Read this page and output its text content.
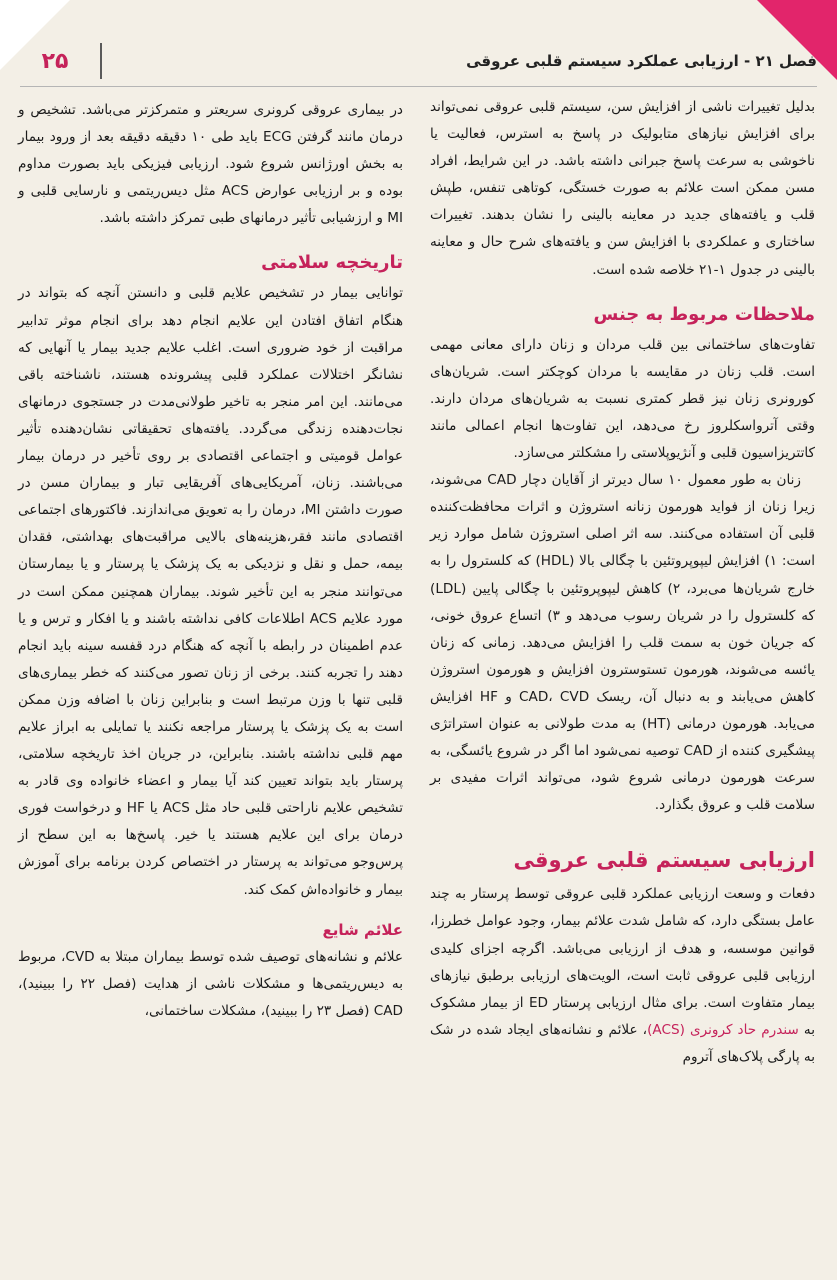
۲۵	فصل ۲۱ - ارزیابی عملکرد سیستم قلبی عروقی

بدلیل تغییرات ناشی از افزایش سن، سیستم قلبی عروقی نمی‌تواند برای افزایش نیازهای متابولیک در پاسخ به استرس، فعالیت یا ناخوشی به سرعت پاسخ جبرانی داشته باشد. در این شرایط، افراد مسن ممکن است علائم به صورت خستگی، کوتاهی تنفس، طپش قلب و یافته‌های جدید در معاینه بالینی را نشان بدهند. تغییرات ساختاری و عملکردی با افزایش سن و یافته‌های شرح حال و معاینه بالینی در جدول ۱-۲۱ خلاصه شده است.

ملاحظات مربوط به جنس

تفاوت‌های ساختمانی بین قلب مردان و زنان دارای معانی مهمی است. قلب زنان در مقایسه با مردان کوچکتر است. شریان‌های کورونری زنان نیز قطر کمتری نسبت به شریان‌های مردان دارند. وقتی آترواسکلروز رخ می‌دهد، این تفاوت‌ها انجام اعمالی مانند کاتتریزاسیون قلبی و آنژیوپلاستی را مشکلتر می‌سازد.

زنان به طور معمول ۱۰ سال دیرتر از آقایان دچار CAD می‌شوند، زیرا زنان از فواید هورمون زنانه استروژن و اثرات محافظت‌کننده قلبی آن استفاده می‌کنند. سه اثر اصلی استروژن شامل موارد زیر است: ۱) افزایش لیپوپروتئین با چگالی بالا (HDL) که کلسترول را به خارج شریان‌ها می‌برد، ۲) کاهش لیپوپروتئین با چگالی پایین (LDL) که کلسترول را در شریان رسوب می‌دهد و ۳) اتساع عروق خونی، که جریان خون به سمت قلب را افزایش می‌دهد. زمانی که زنان یائسه می‌شوند، هورمون تستوسترون افزایش و هورمون استروژن کاهش می‌یابند و به دنبال آن، ریسک CAD، CVD و HF افزایش می‌یابد. هورمون درمانی (HT) به مدت طولانی به عنوان استراتژی پیشگیری کننده از CAD توصیه نمی‌شود اما اگر در شروع یائسگی، به سرعت هورمون درمانی شروع شود، می‌تواند اثرات مفیدی بر سلامت قلب و عروق بگذارد.

ارزیابی سیستم قلبی عروقی

دفعات و وسعت ارزیابی عملکرد قلبی عروقی توسط پرستار به چند عامل بستگی دارد، که شامل شدت علائم بیمار، وجود عوامل خطرزا، قوانین موسسه، و هدف از ارزیابی می‌باشد. اگرچه اجزای کلیدی ارزیابی قلبی عروقی ثابت است، الویت‌های ارزیابی برطبق نیازهای بیمار متفاوت است. برای مثال ارزیابی پرستار ED از بیمار مشکوک به سندرم حاد کرونری (ACS)، علائم و نشانه‌های ایجاد شده در شک به پارگی پلاک‌های آتروم

در بیماری عروقی کرونری سریعتر و متمرکزتر می‌باشد. تشخیص و درمان مانند گرفتن ECG باید طی ۱۰ دقیقه دقیقه بعد از ورود بیمار به بخش اورژانس شروع شود. ارزیابی فیزیکی باید بصورت مداوم بوده و بر ارزیابی عوارض ACS مثل دیس‌ریتمی و نارسایی قلبی و MI و ارزشیابی تأثیر درمانهای طبی تمرکز داشته باشد.

تاریخچه سلامتی

توانایی بیمار در تشخیص علایم قلبی و دانستن آنچه که بتواند در هنگام اتفاق افتادن این علایم انجام دهد برای انجام موثر تدابیر مراقبت از خود ضروری است. اغلب علایم جدید بیمار یا آنهایی که نشانگر اختلالات عملکرد قلبی پیشرونده هستند، ناشناخته باقی می‌مانند. این امر منجر به تاخیر طولانی‌مدت در جستجوی درمانهای نجات‌دهنده زندگی می‌گردد. یافته‌های تحقیقاتی نشان‌دهنده تأثیر عوامل قومیتی و اجتماعی اقتصادی بر روی تأخیر در درمان بیمار می‌باشند. زنان، آمریکایی‌های آفریقایی تبار و بیماران مسن در صورت داشتن MI، درمان را به تعویق می‌اندازند. فاکتورهای اجتماعی اقتصادی مانند فقر،هزینه‌های بالایی مراقبت‌های بهداشتی، فقدان بیمه، حمل و نقل و نزدیکی به یک پزشک یا پرستار و یا بیمارستان می‌توانند منجر به این تأخیر شوند. بیماران همچنین ممکن است در مورد علایم ACS اطلاعات کافی نداشته باشند و یا افکار و ترس و یا عدم اطمینان در رابطه با آنچه که هنگام درد قفسه سینه باید انجام دهند را تجربه کنند. برخی از زنان تصور می‌کنند که خطر بیماری‌های قلبی تنها با وزن مرتبط است و بنابراین زنان با اضافه وزن ممکن است به یک پزشک یا پرستار مراجعه نکنند یا تمایلی به ابراز علایم مهم قلبی نداشته باشند. بنابراین، در جریان اخذ تاریخچه سلامتی، پرستار باید بتواند تعیین کند آیا بیمار و اعضاء خانواده وی قادر به تشخیص علایم ناراحتی قلبی حاد مثل ACS یا HF و درخواست فوری درمان برای این علایم هستند یا خیر. پاسخ‌ها به این سطح از پرس‌وجو می‌تواند به پرستار در اختصاص کردن برنامه برای آموزش بیمار و خانواده‌اش کمک کند.

علائم شایع

علائم و نشانه‌های توصیف شده توسط بیماران مبتلا به CVD، مربوط به دیس‌ریتمی‌ها و مشکلات ناشی از هدایت (فصل ۲۲ را ببینید)، CAD (فصل ۲۳ را ببینید)، مشکلات ساختمانی،
